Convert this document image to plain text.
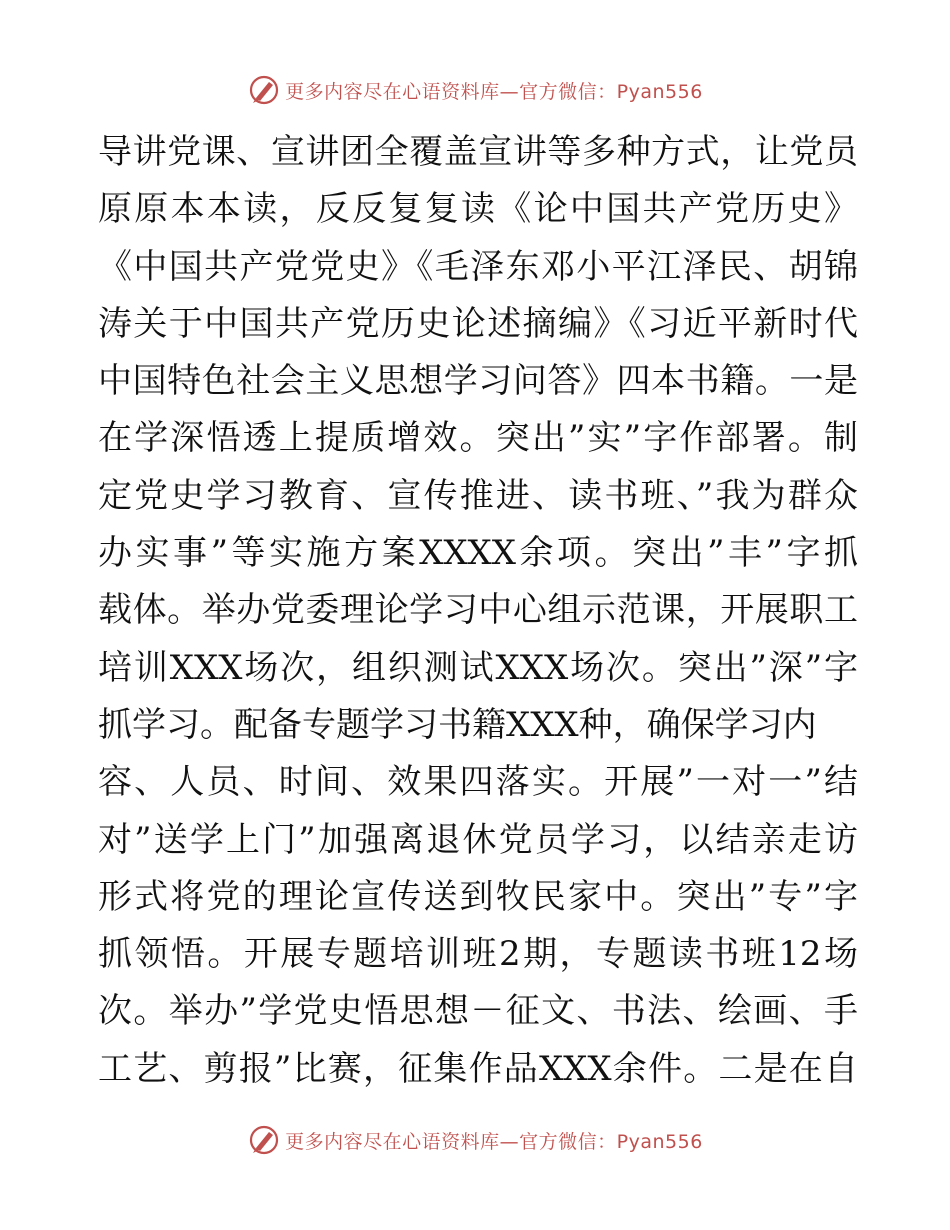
更多内容尽在心语资料库—官方微信：Pyan556
导讲党课、宣讲团全覆盖宣讲等多种方式，让党员
原原本本读，反反复复读《论中国共产党历史》
《中国共产党党史》《毛泽东邓小平江泽民、胡锦
涛关于中国共产党历史论述摘编》《习近平新时代
中国特色社会主义思想学习问答》四本书籍。一是
在学深悟透上提质增效。突出”实”字作部署。制
定党史学习教育、宣传推进、读书班、”我为群众
办实事”等实施方案XXXX余项。突出”丰”字抓
载体。举办党委理论学习中心组示范课，开展职工
培训XXX场次，组织测试XXX场次。突出”深”字
抓学习。配备专题学习书籍XXX种，确保学习内
容、人员、时间、效果四落实。开展”一对一”结
对”送学上门”加强离退休党员学习，以结亲走访
形式将党的理论宣传送到牧民家中。突出”专”字
抓领悟。开展专题培训班2期，专题读书班12场
次。举办”学党史悟思想－征文、书法、绘画、手
工艺、剪报”比赛，征集作品XXX余件。二是在自
更多内容尽在心语资料库—官方微信：Pyan556
